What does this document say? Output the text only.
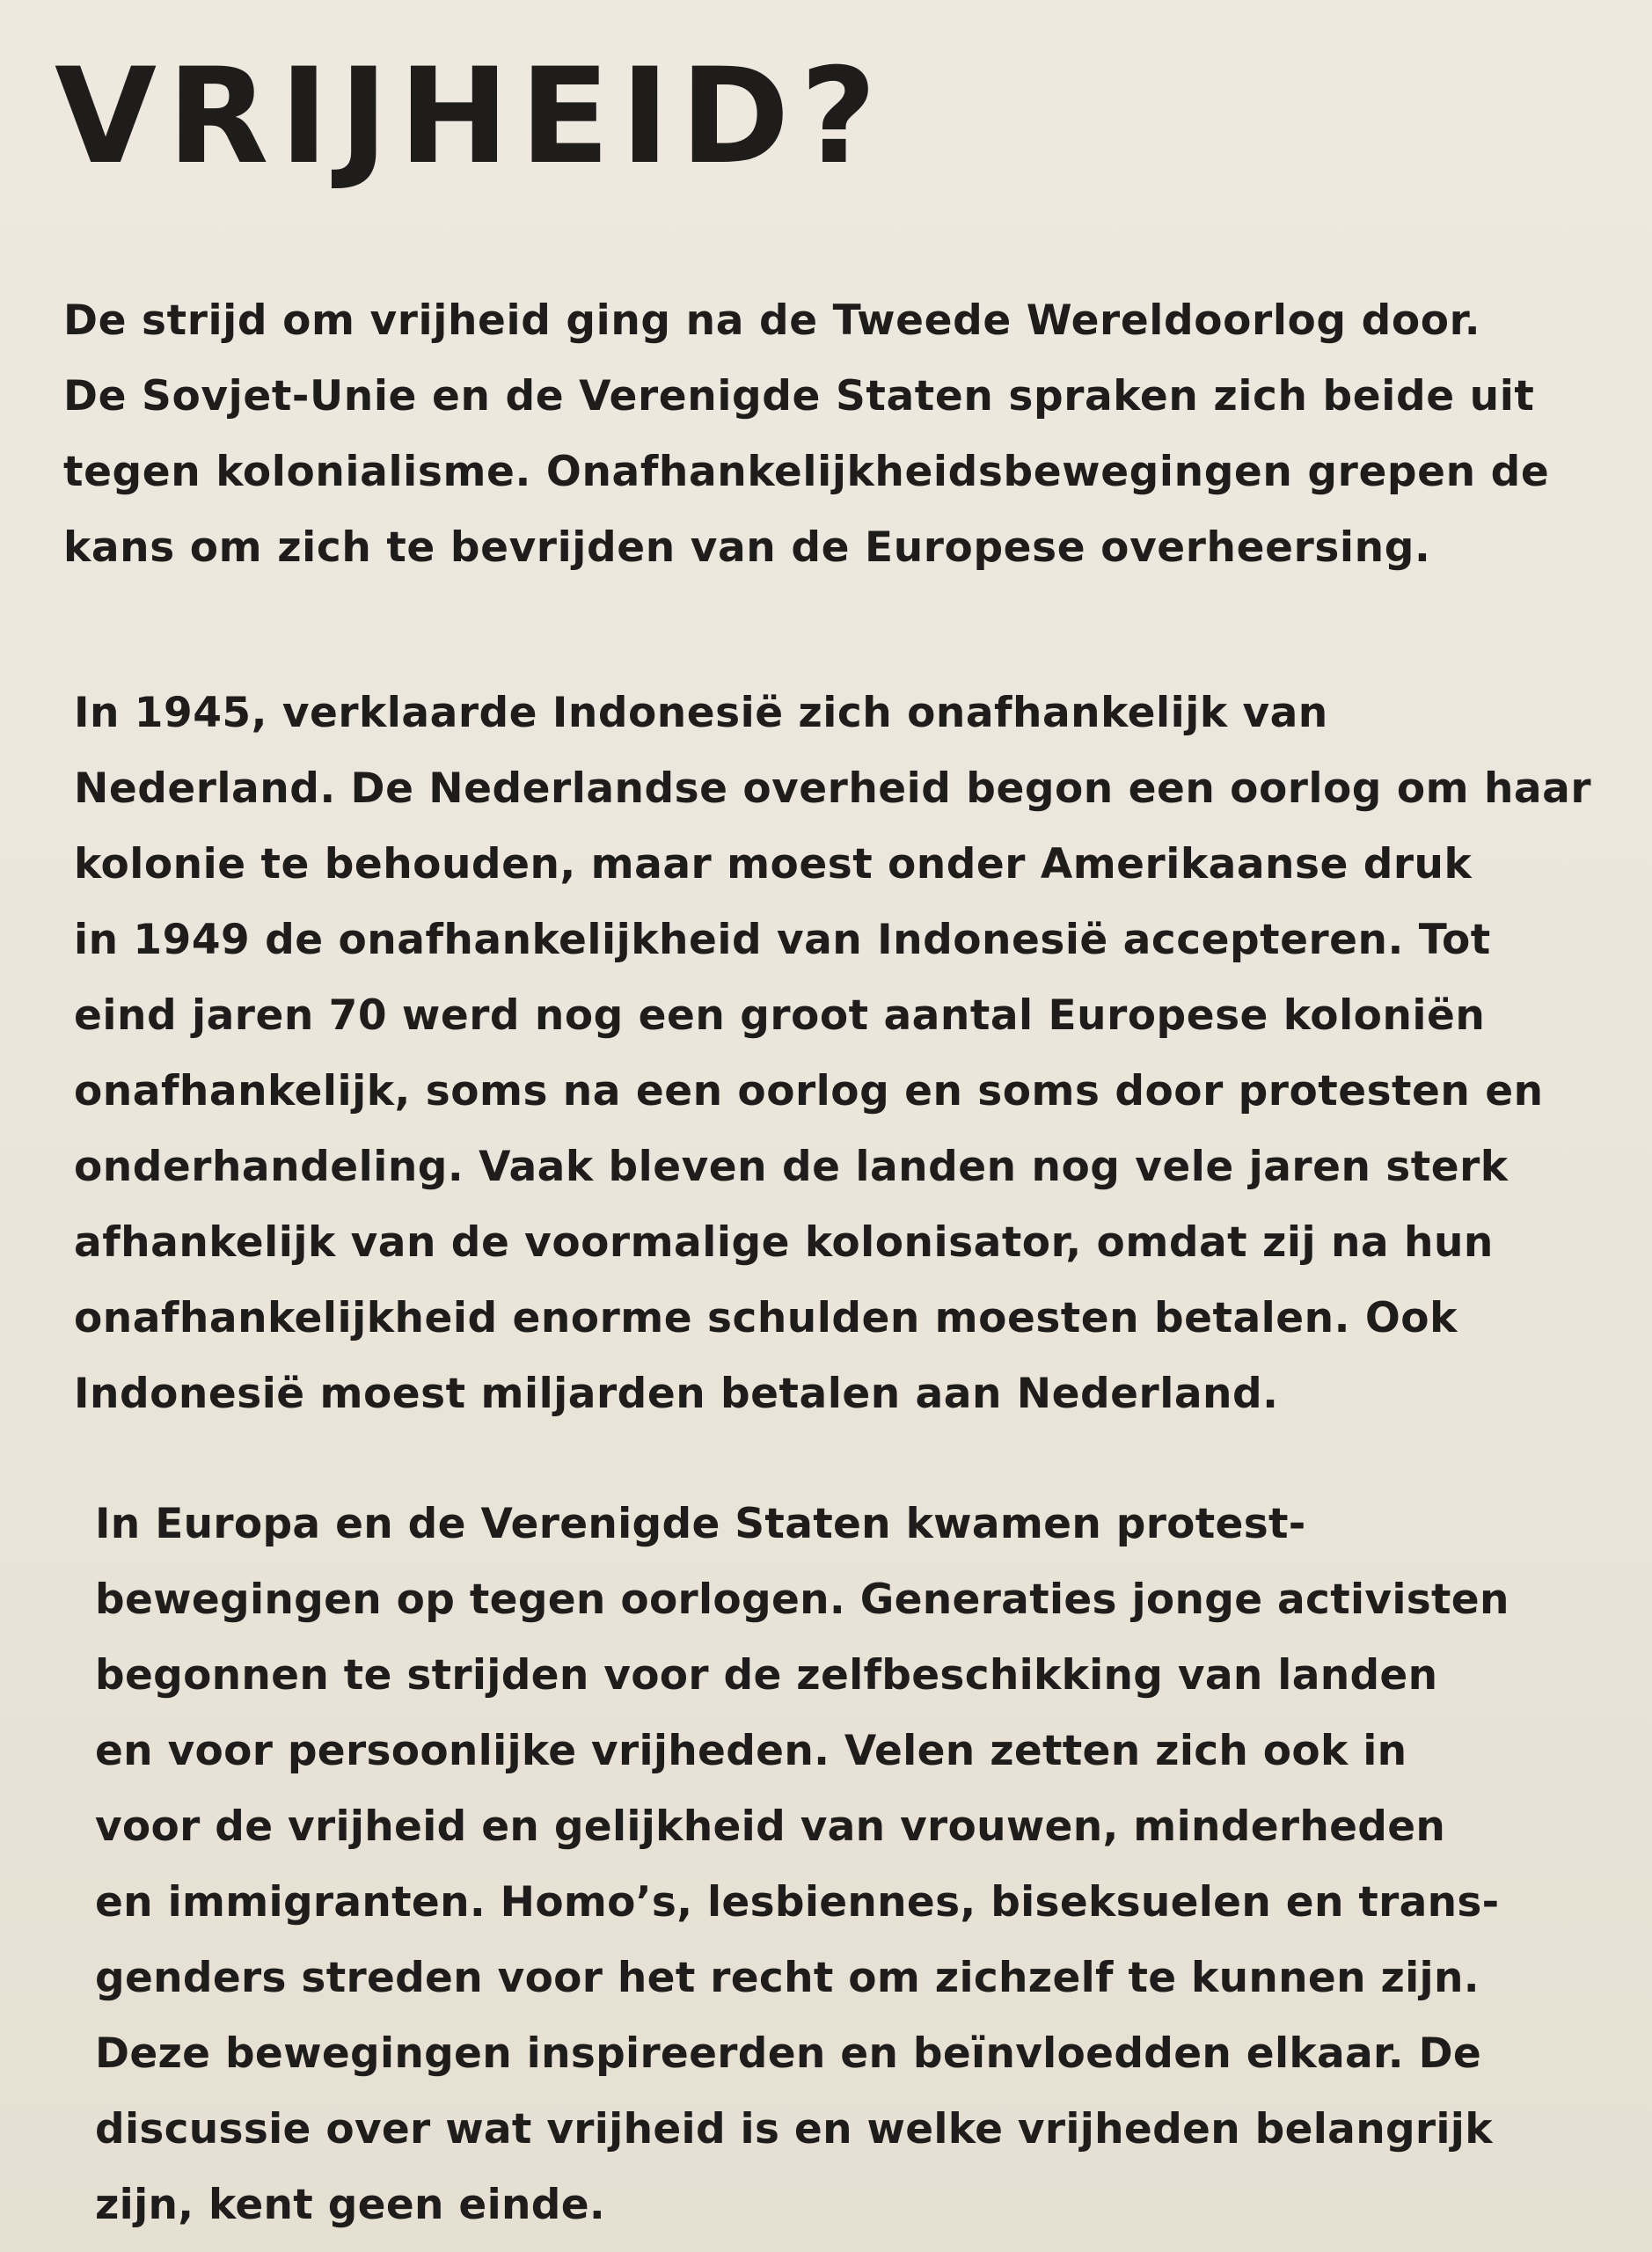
VRIJHEID?

De strijd om vrijheid ging na de Tweede Wereldoorlog door.
De Sovjet-Unie en de Verenigde Staten spraken zich beide uit
tegen kolonialisme. Onafhankelijkheidsbewegingen grepen de
kans om zich te bevrijden van de Europese overheersing.

In 1945, verklaarde Indonesië zich onafhankelijk van
Nederland. De Nederlandse overheid begon een oorlog om haar
kolonie te behouden, maar moest onder Amerikaanse druk
in 1949 de onafhankelijkheid van Indonesië accepteren. Tot
eind jaren 70 werd nog een groot aantal Europese koloniën
onafhankelijk, soms na een oorlog en soms door protesten en
onderhandeling. Vaak bleven de landen nog vele jaren sterk
afhankelijk van de voormalige kolonisator, omdat zij na hun
onafhankelijkheid enorme schulden moesten betalen. Ook
Indonesië moest miljarden betalen aan Nederland.

In Europa en de Verenigde Staten kwamen protest-
bewegingen op tegen oorlogen. Generaties jonge activisten
begonnen te strijden voor de zelfbeschikking van landen
en voor persoonlijke vrijheden. Velen zetten zich ook in
voor de vrijheid en gelijkheid van vrouwen, minderheden
en immigranten. Homo’s, lesbiennes, biseksuelen en trans-
genders streden voor het recht om zichzelf te kunnen zijn.
Deze bewegingen inspireerden en beïnvloedden elkaar. De
discussie over wat vrijheid is en welke vrijheden belangrijk
zijn, kent geen einde.
